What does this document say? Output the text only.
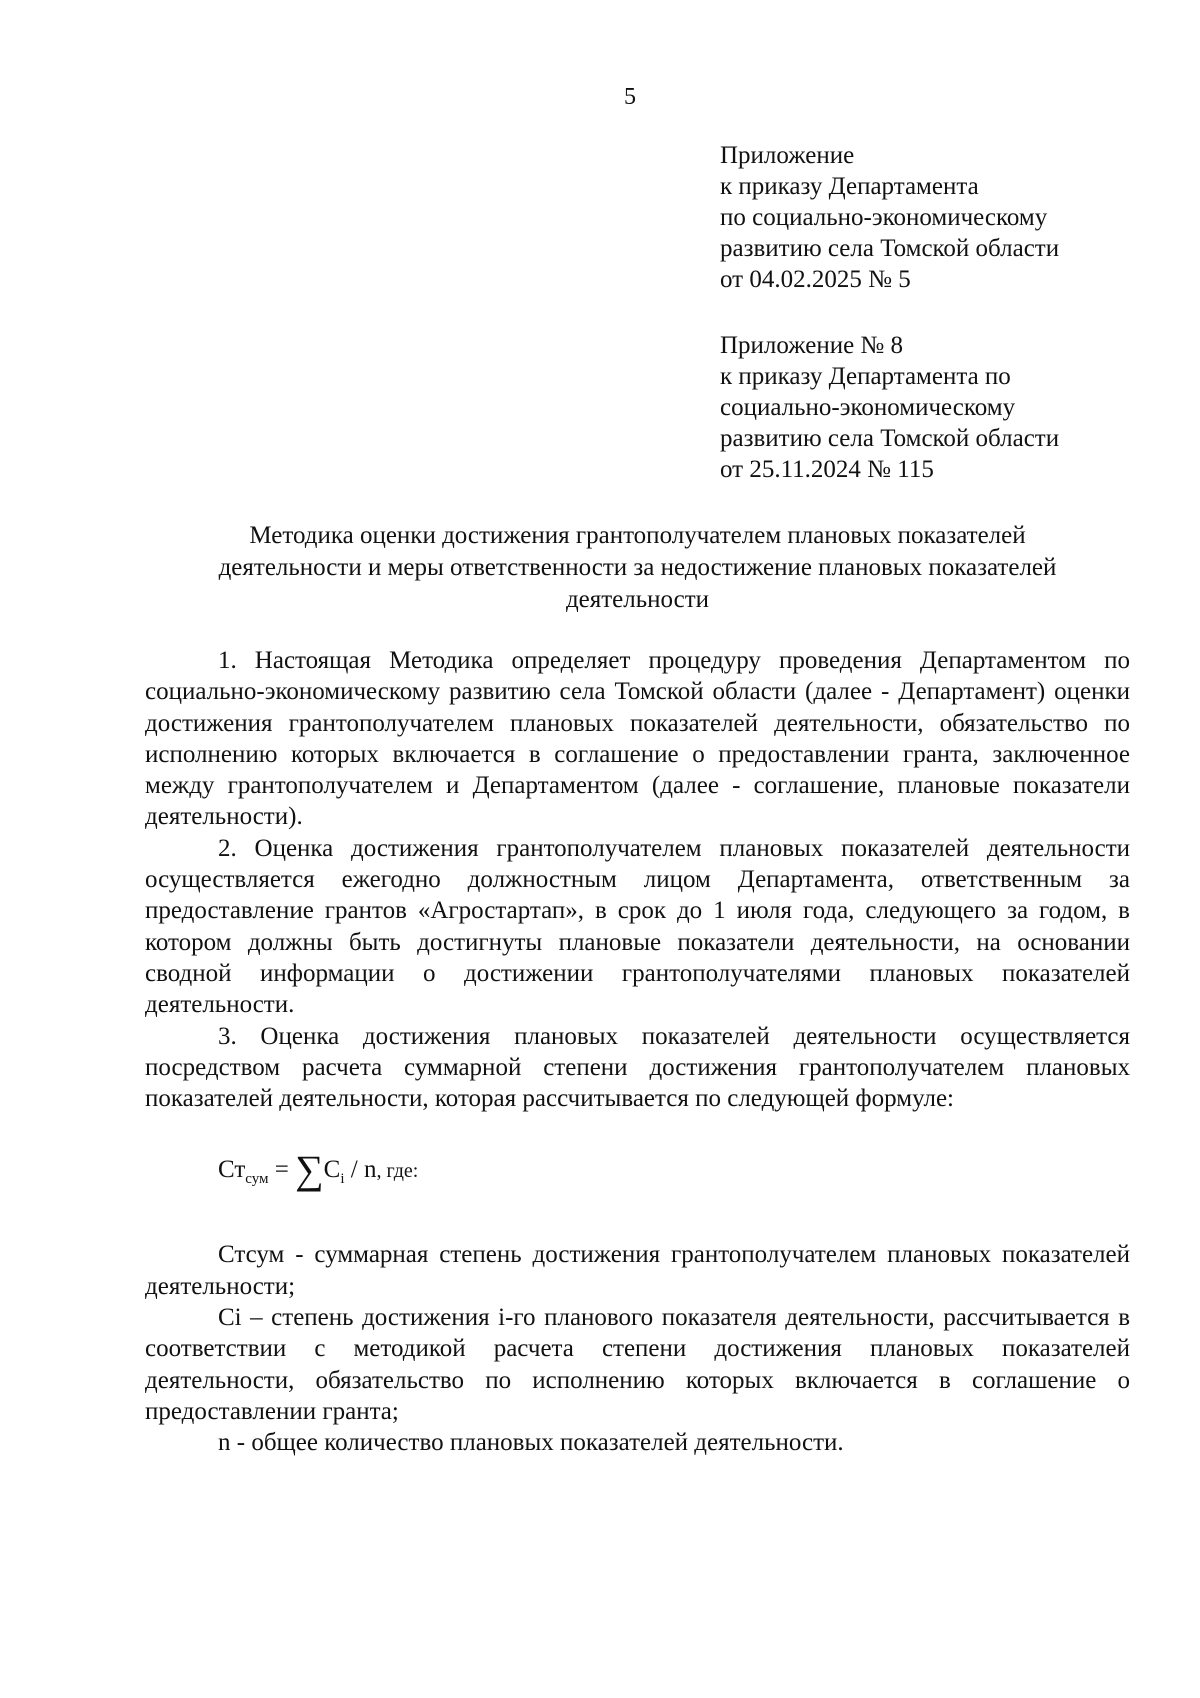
5
Приложение
к приказу Департамента
по социально-экономическому
развитию села Томской области
от 04.02.2025 № 5
Приложение № 8
к приказу Департамента по
социально-экономическому
развитию села Томской области
от 25.11.2024 № 115
Методика оценки достижения грантополучателем плановых показателей
деятельности и меры ответственности за недостижение плановых показателей
деятельности

1. Настоящая Методика определяет процедуру проведения Департаментом по социально-экономическому развитию села Томской области (далее - Департамент) оценки достижения грантополучателем плановых показателей деятельности, обязательство по исполнению которых включается в соглашение о предоставлении гранта, заключенное между грантополучателем и Департаментом (далее - соглашение, плановые показатели деятельности).

2. Оценка достижения грантополучателем плановых показателей деятельности осуществляется ежегодно должностным лицом Департамента, ответственным за предоставление грантов «Агростартап», в срок до 1 июля года, следующего за годом, в котором должны быть достигнуты плановые показатели деятельности, на основании сводной информации о достижении грантополучателями плановых показателей деятельности.

3. Оценка достижения плановых показателей деятельности осуществляется посредством расчета суммарной степени достижения грантополучателем плановых показателей деятельности, которая рассчитывается по следующей формуле:

$Ст_{сум} = \sum C_i / n$, где:

Стсум - суммарная степень достижения грантополучателем плановых показателей деятельности;

Ci – степень достижения i-го планового показателя деятельности, рассчитывается в соответствии с методикой расчета степени достижения плановых показателей деятельности, обязательство по исполнению которых включается в соглашение о предоставлении гранта;

n - общее количество плановых показателей деятельности.
